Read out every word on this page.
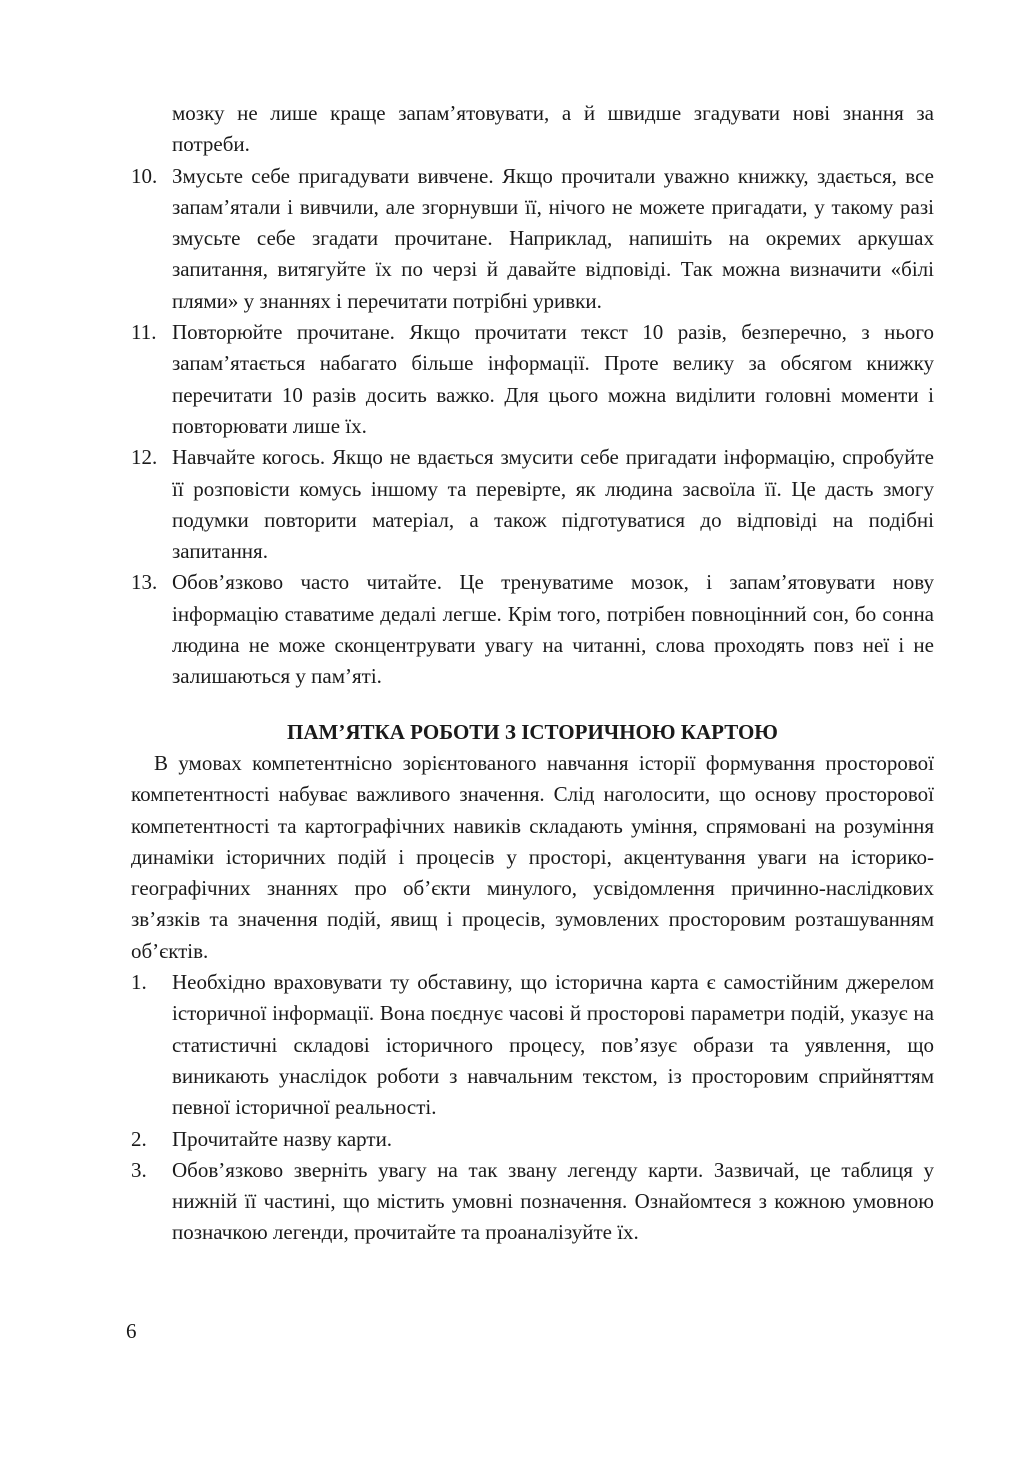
мозку не лише краще запам’ятовувати, а й швидше згадувати нові знання за потреби.

10. Змусьте себе пригадувати вивчене. Якщо прочитали уважно книжку, здається, все запам’ятали і вивчили, але згорнувши її, нічого не можете пригадати, у такому разі змусьте себе згадати прочитане. Наприклад, напишіть на окремих аркушах запитання, витягуйте їх по черзі й давайте відповіді. Так можна визначити «білі плями» у знаннях і перечитати потрібні уривки.
11. Повторюйте прочитане. Якщо прочитати текст 10 разів, безперечно, з нього запам’ятається набагато більше інформації. Проте велику за обсягом книжку перечитати 10 разів досить важко. Для цього можна виділити головні моменти і повторювати лише їх.
12. Навчайте когось. Якщо не вдається змусити себе пригадати інформацію, спробуйте її розповісти комусь іншому та перевірте, як людина засвоїла її. Це дасть змогу подумки повторити матеріал, а також підготуватися до відповіді на подібні запитання.
13. Обов’язково часто читайте. Це тренуватиме мозок, і запам’ятовувати нову інформацію ставатиме дедалі легше. Крім того, потрібен повноцінний сон, бо сонна людина не може сконцентрувати увагу на читанні, слова проходять повз неї і не залишаються у пам’яті.
ПАМ’ЯТКА РОБОТИ З ІСТОРИЧНОЮ КАРТОЮ

В умовах компетентнісно зорієнтованого навчання історії формування просторової компетентності набуває важливого значення. Слід наголосити, що основу просторової компетентності та картографічних навиків складають уміння, спрямовані на розуміння динаміки історичних подій і процесів у просторі, акцентування уваги на історико-географічних знаннях про об’єкти минулого, усвідомлення причинно-наслідкових зв’язків та значення подій, явищ і процесів, зумовлених просторовим розташуванням об’єктів.

1. Необхідно враховувати ту обставину, що історична карта є самостійним джерелом історичної інформації. Вона поєднує часові й просторові параметри подій, указує на статистичні складові історичного процесу, пов’язує образи та уявлення, що виникають унаслідок роботи з навчальним текстом, із просторовим сприйняттям певної історичної реальності.
2. Прочитайте назву карти.
3. Обов’язково зверніть увагу на так звану легенду карти. Зазвичай, це таблиця у нижній її частині, що містить умовні позначення. Ознайомтеся з кожною умовною позначкою легенди, прочитайте та проаналізуйте їх.
6
